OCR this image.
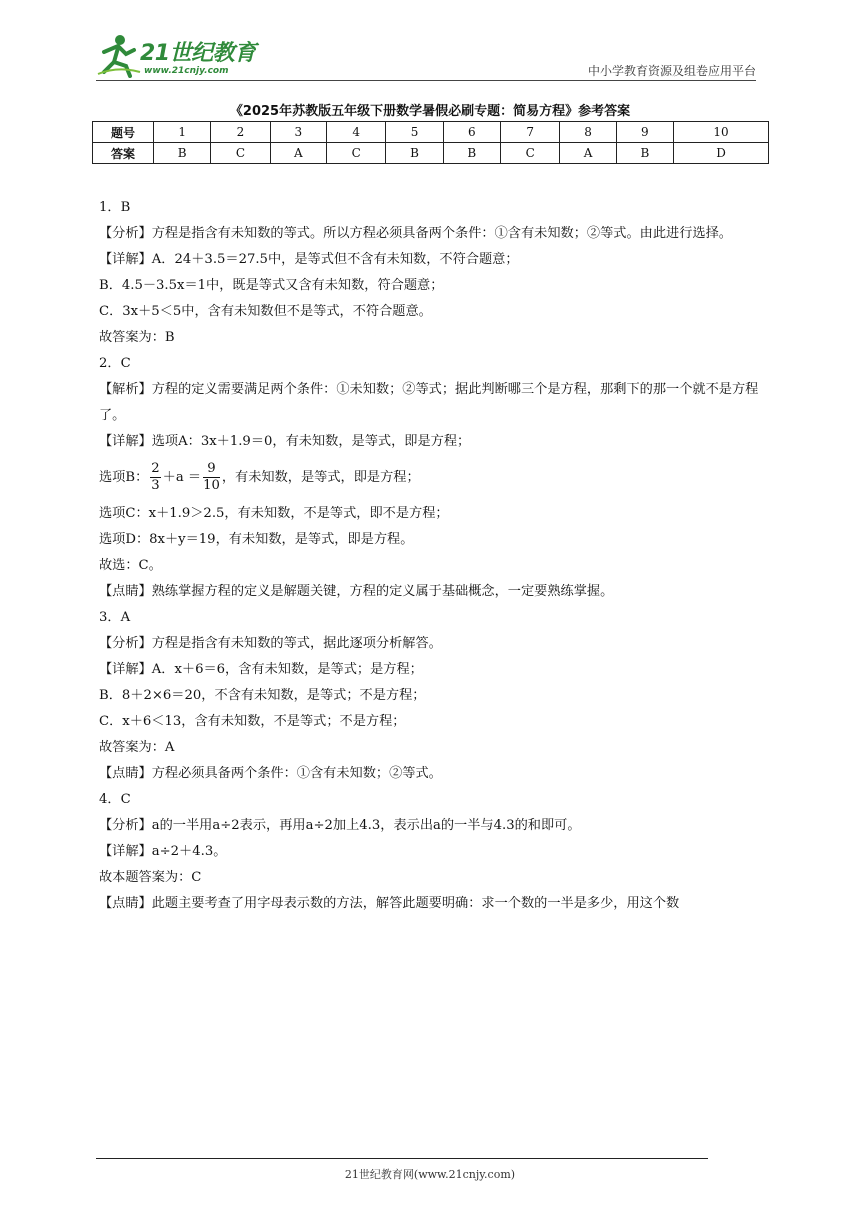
21世纪教育
www.21cnjy.com	中小学教育资源及组卷应用平台
《2025年苏教版五年级下册数学暑假必刷专题：简易方程》参考答案
题号	1	2	3	4	5	6	7	8	9	10
答案	B	C	A	C	B	B	C	A	B	D
1．B
【分析】方程是指含有未知数的等式。所以方程必须具备两个条件：①含有未知数；②等式。由此进行选择。
【详解】A．24＋3.5＝27.5中，是等式但不含有未知数，不符合题意；
B．4.5－3.5x＝1中，既是等式又含有未知数，符合题意；
C．3x＋5＜5中，含有未知数但不是等式，不符合题意。
故答案为：B
2．C
【解析】方程的定义需要满足两个条件：①未知数；②等式；据此判断哪三个是方程，那剩下的那一个就不是方程了。
【详解】选项A：3x＋1.9＝0，有未知数，是等式，即是方程；
选项B： $\frac{2}{3} +a = \frac{9}{10}$ ，有未知数，是等式，即是方程；
选项C：x＋1.9＞2.5，有未知数，不是等式，即不是方程；
选项D：8x＋y＝19，有未知数，是等式，即是方程。
故选：C。
【点睛】熟练掌握方程的定义是解题关键，方程的定义属于基础概念，一定要熟练掌握。
3．A
【分析】方程是指含有未知数的等式，据此逐项分析解答。
【详解】A．x＋6＝6，含有未知数，是等式；是方程；
B．8＋2×6＝20，不含有未知数，是等式；不是方程；
C．x＋6＜13，含有未知数，不是等式；不是方程；
故答案为：A
【点睛】方程必须具备两个条件：①含有未知数；②等式。
4．C
【分析】a的一半用a÷2表示，再用a÷2加上4.3，表示出a的一半与4.3的和即可。
【详解】a÷2＋4.3。
故本题答案为：C
【点睛】此题主要考查了用字母表示数的方法，解答此题要明确：求一个数的一半是多少，用这个数
21世纪教育网(www.21cnjy.com)
